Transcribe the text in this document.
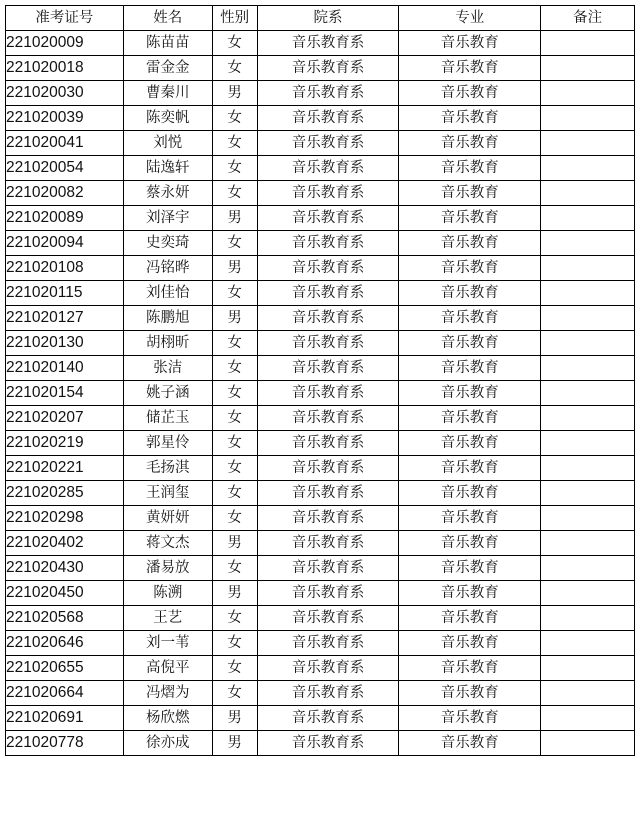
准考证号	姓名	性别	院系	专业	备注
221020009	陈苗苗	女	音乐教育系	音乐教育	
221020018	雷金金	女	音乐教育系	音乐教育	
221020030	曹秦川	男	音乐教育系	音乐教育	
221020039	陈奕帆	女	音乐教育系	音乐教育	
221020041	刘悦	女	音乐教育系	音乐教育	
221020054	陆逸轩	女	音乐教育系	音乐教育	
221020082	蔡永妍	女	音乐教育系	音乐教育	
221020089	刘泽宇	男	音乐教育系	音乐教育	
221020094	史奕琦	女	音乐教育系	音乐教育	
221020108	冯铭晔	男	音乐教育系	音乐教育	
221020115	刘佳怡	女	音乐教育系	音乐教育	
221020127	陈鹏旭	男	音乐教育系	音乐教育	
221020130	胡栩昕	女	音乐教育系	音乐教育	
221020140	张洁	女	音乐教育系	音乐教育	
221020154	姚子涵	女	音乐教育系	音乐教育	
221020207	储芷玉	女	音乐教育系	音乐教育	
221020219	郭星伶	女	音乐教育系	音乐教育	
221020221	毛扬淇	女	音乐教育系	音乐教育	
221020285	王润玺	女	音乐教育系	音乐教育	
221020298	黄妍妍	女	音乐教育系	音乐教育	
221020402	蒋文杰	男	音乐教育系	音乐教育	
221020430	潘易放	女	音乐教育系	音乐教育	
221020450	陈溯	男	音乐教育系	音乐教育	
221020568	王艺	女	音乐教育系	音乐教育	
221020646	刘一苇	女	音乐教育系	音乐教育	
221020655	高倪平	女	音乐教育系	音乐教育	
221020664	冯熠为	女	音乐教育系	音乐教育	
221020691	杨欣燃	男	音乐教育系	音乐教育	
221020778	徐亦成	男	音乐教育系	音乐教育	
